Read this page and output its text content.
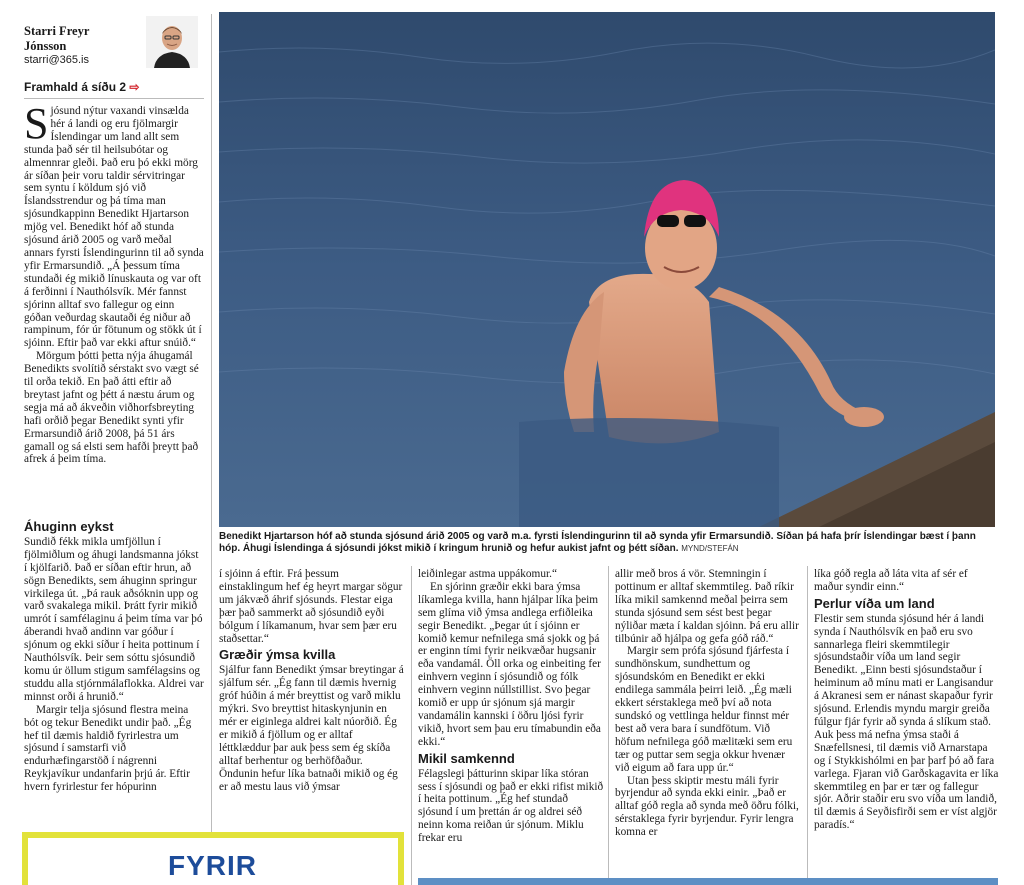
Starri Freyr
Jónsson
starri@365.is
Framhald á síðu 2 ⇨

Sjósund nýtur vaxandi vinsælda hér á landi og eru fjölmargir Íslendingar um land allt sem stunda það sér til heilsubótar og almennrar gleði. Það eru þó ekki mörg ár síðan þeir voru taldir sérvitringar sem syntu í köldum sjó við Íslandsstrendur og þá tíma man sjósundkappinn Benedikt Hjartarson mjög vel. Benedikt hóf að stunda sjósund árið 2005 og varð meðal annars fyrsti Íslendingurinn til að synda yfir Ermarsundið. „Á þessum tíma stundaði ég mikið línuskauta og var oft á ferðinni í Nauthólsvík. Mér fannst sjórinn alltaf svo fallegur og einn góðan veðurdag skautaði ég niður að rampinum, fór úr fötunum og stökk út í sjóinn. Eftir það var ekki aftur snúið.“

Mörgum þótti þetta nýja áhugamál Benedikts svolítið sérstakt svo vægt sé til orða tekið. En það átti eftir að breytast jafnt og þétt á næstu árum og segja má að ákveðin viðhorfsbreyting hafi orðið þegar Benedikt synti yfir Ermarsundið árið 2008, þá 51 árs gamall og sá elsti sem hafði þreytt það afrek á þeim tíma.

Áhuginn eykst

Sundið fékk mikla umfjöllun í fjölmiðlum og áhugi landsmanna jókst í kjölfarið. Það er síðan eftir hrun, að sögn Benedikts, sem áhuginn springur virkilega út. „Þá rauk aðsóknin upp og varð svakalega mikil. Þrátt fyrir mikið umrót í samfélaginu á þeim tíma var þó áberandi hvað andinn var góður í sjónum og ekki síður í heita pottinum í Nauthólsvík. Þeir sem sóttu sjósundið komu úr öllum stigum samfélagsins og studdu alla stjórnmálaflokka. Aldrei var minnst orði á hrunið.“

Margir telja sjósund flestra meina bót og tekur Benedikt undir það. „Ég hef til dæmis haldið fyrirlestra um sjósund í samstarfi við endurhæfingarstöð í nágrenni Reykjavíkur undanfarin þrjú ár. Eftir hvern fyrirlestur fer hópurinn

Benedikt Hjartarson hóf að stunda sjósund árið 2005 og varð m.a. fyrsti Íslendingurinn til að synda yfir Ermarsundið. Síðan þá hafa þrír Íslendingar bæst í þann hóp. Áhugi Íslendinga á sjósundi jókst mikið í kringum hrunið og hefur aukist jafnt og þétt síðan. MYND/STEFÁN

í sjóinn á eftir. Frá þessum einstaklingum hef ég heyrt margar sögur um jákvæð áhrif sjósunds. Flestar eiga þær það sammerkt að sjósundið eyði bólgum í líkamanum, hvar sem þær eru staðsettar.“

Græðir ýmsa kvilla

Sjálfur fann Benedikt ýmsar breytingar á sjálfum sér. „Ég fann til dæmis hvernig gróf húðin á mér breyttist og varð miklu mýkri. Svo breyttist hitaskynjunin en mér er eiginlega aldrei kalt núorðið. Ég er mikið á fjöllum og er alltaf léttklæddur þar auk þess sem ég skíða alltaf berhentur og berhöfðaður. Öndunin hefur líka batnaði mikið og ég er að mestu laus við ýmsar

leiðinlegar astma uppákomur.“

En sjórinn græðir ekki bara ýmsa líkamlega kvilla, hann hjálpar líka þeim sem glíma við ýmsa andlega erfiðleika segir Benedikt. „Þegar út í sjóinn er komið kemur nefnilega smá sjokk og þá er enginn tími fyrir neikvæðar hugsanir eða vandamál. Öll orka og einbeiting fer einhvern veginn í sjósundið og fólk einhvern veginn núllstillist. Svo þegar komið er upp úr sjónum sjá margir vandamálin kannski í öðru ljósi fyrir vikið, hvort sem þau eru tímabundin eða ekki.“

Mikil samkennd

Félagslegi þátturinn skipar líka stóran sess í sjósundi og það er ekki rifist mikið í heita pottinum. „Ég hef stundað sjósund í um þrettán ár og aldrei séð neinn koma reiðan úr sjónum. Miklu frekar eru

allir með bros á vör. Stemningin í pottinum er alltaf skemmtileg. Það ríkir líka mikil samkennd meðal þeirra sem stunda sjósund sem sést best þegar nýliðar mæta í kaldan sjóinn. Þá eru allir tilbúnir að hjálpa og gefa góð ráð.“

Margir sem prófa sjósund fjárfesta í sundhönskum, sundhettum og sjósundskóm en Benedikt er ekki endilega sammála þeirri leið. „Ég mæli ekkert sérstaklega með því að nota sundskó og vettlinga heldur finnst mér best að vera bara í sundfötum. Við höfum nefnilega góð mælitæki sem eru tær og puttar sem segja okkur hvenær við eigum að fara upp úr.“

Utan þess skiptir mestu máli fyrir byrjendur að synda ekki einir. „Það er alltaf góð regla að synda með öðru fólki, sérstaklega fyrir byrjendur. Fyrir lengra komna er

líka góð regla að láta vita af sér ef maður syndir einn.“

Perlur víða um land

Flestir sem stunda sjósund hér á landi synda í Nauthólsvík en það eru svo sannarlega fleiri skemmtilegir sjósundstaðir víða um land segir Benedikt. „Einn besti sjósundstaður í heiminum að mínu mati er Langisandur á Akranesi sem er nánast skapaður fyrir sjósund. Erlendis myndu margir greiða fúlgur fjár fyrir að synda á slíkum stað. Auk þess má nefna ýmsa staði á Snæfellsnesi, til dæmis við Arnarstapa og í Stykkishólmi en þar þarf þó að fara varlega. Fjaran við Garðskagavita er líka skemmtileg en þar er tær og fallegur sjór. Aðrir staðir eru svo víða um landið, til dæmis á Seyðisfirði sem er víst algjör paradís.“

FYRIR
